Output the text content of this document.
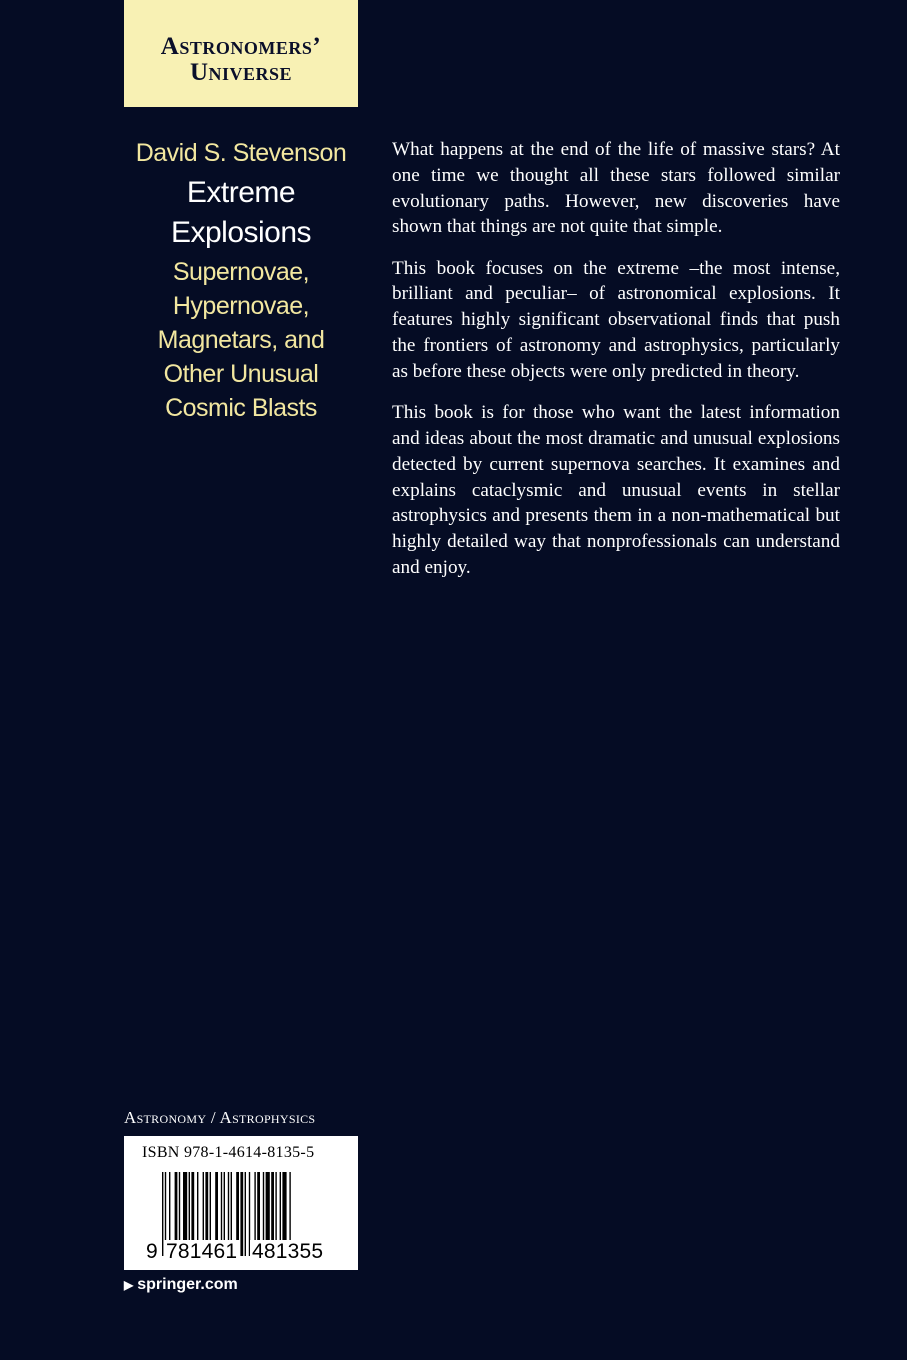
Astronomers’
Universe
David S. Stevenson
Extreme
Explosions
Supernovae,
Hypernovae,
Magnetars, and
Other Unusual
Cosmic Blasts

What happens at the end of the life of massive stars? At one time we thought all these stars followed similar evolutionary paths. However, new discoveries have shown that things are not quite that simple.

This book focuses on the extreme –the most intense, brilliant and peculiar– of astronomical explosions. It features highly significant observational finds that push the frontiers of astronomy and astrophysics, particularly as before these objects were only predicted in theory.

This book is for those who want the latest information and ideas about the most dramatic and unusual explosions detected by current supernova searches. It examines and explains cataclysmic and unusual events in stellar astrophysics and presents them in a non-mathematical but highly detailed way that nonprofessionals can understand and enjoy.

Astronomy / Astrophysics
ISBN 978-1-4614-8135-5
9 781461 481355
▶ springer.com
